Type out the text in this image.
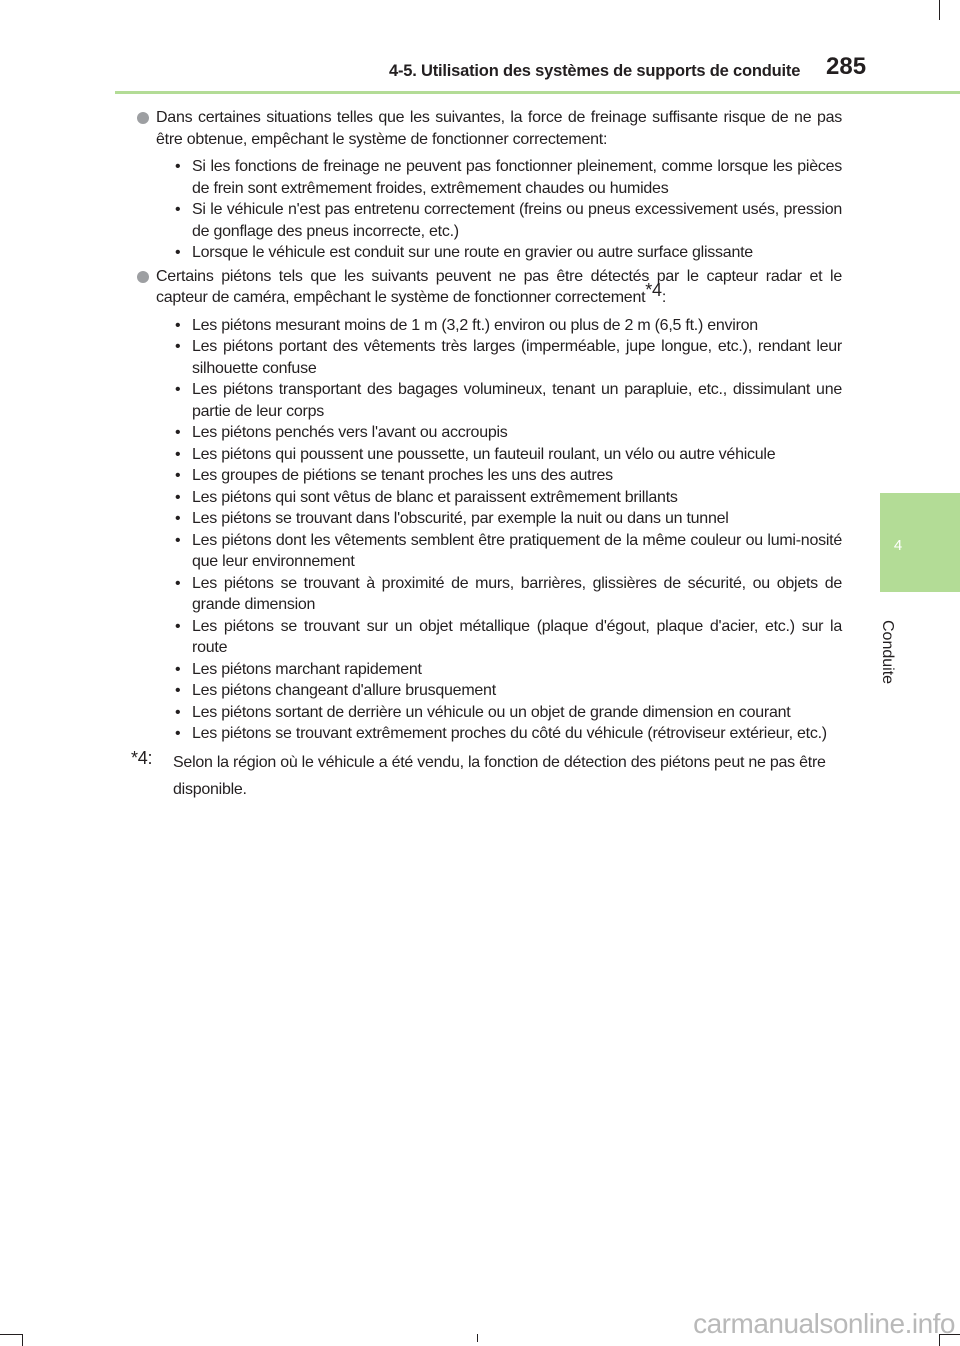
4-5. Utilisation des systèmes de supports de conduite 285
4
Conduite
Dans certaines situations telles que les suivantes, la force de freinage suffisante risque de ne pas être obtenue, empêchant le système de fonctionner correctement:
• Si les fonctions de freinage ne peuvent pas fonctionner pleinement, comme lorsque les pièces de frein sont extrêmement froides, extrêmement chaudes ou humides
• Si le véhicule n'est pas entretenu correctement (freins ou pneus excessivement usés, pression de gonflage des pneus incorrecte, etc.)
• Lorsque le véhicule est conduit sur une route en gravier ou autre surface glissante
Certains piétons tels que les suivants peuvent ne pas être détectés par le capteur radar et le capteur de caméra, empêchant le système de fonctionner correctement*4:
• Les piétons mesurant moins de 1 m (3,2 ft.) environ ou plus de 2 m (6,5 ft.) environ
• Les piétons portant des vêtements très larges (imperméable, jupe longue, etc.), rendant leur silhouette confuse
• Les piétons transportant des bagages volumineux, tenant un parapluie, etc., dissimulant une partie de leur corps
• Les piétons penchés vers l'avant ou accroupis
• Les piétons qui poussent une poussette, un fauteuil roulant, un vélo ou autre véhicule
• Les groupes de piétions se tenant proches les uns des autres
• Les piétons qui sont vêtus de blanc et paraissent extrêmement brillants
• Les piétons se trouvant dans l'obscurité, par exemple la nuit ou dans un tunnel
• Les piétons dont les vêtements semblent être pratiquement de la même couleur ou lumi-nosité que leur environnement
• Les piétons se trouvant à proximité de murs, barrières, glissières de sécurité, ou objets de grande dimension
• Les piétons se trouvant sur un objet métallique (plaque d'égout, plaque d'acier, etc.) sur la route
• Les piétons marchant rapidement
• Les piétons changeant d'allure brusquement
• Les piétons sortant de derrière un véhicule ou un objet de grande dimension en courant
• Les piétons se trouvant extrêmement proches du côté du véhicule (rétroviseur extérieur, etc.)
*4: Selon la région où le véhicule a été vendu, la fonction de détection des piétons peut ne pas être disponible.
carmanualsonline.info
